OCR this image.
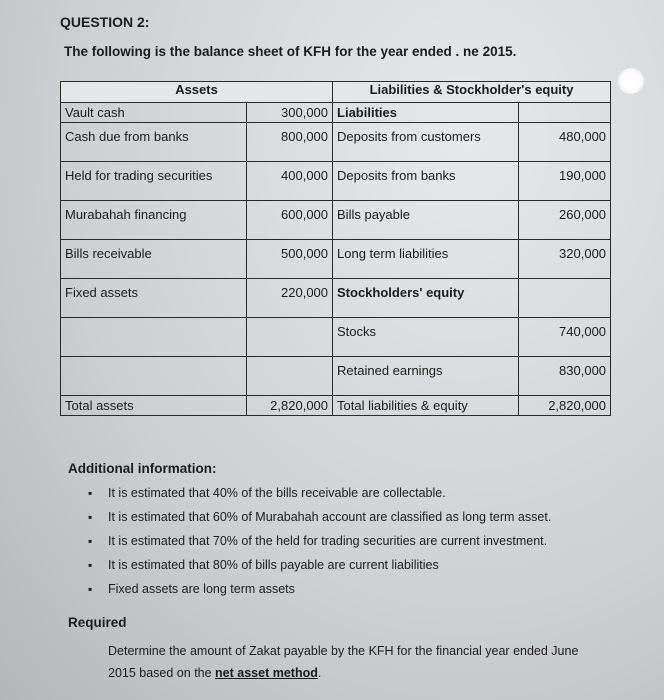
QUESTION 2:
The following is the balance sheet of KFH for the year ended . ne 2015.
Assets		Liabilities & Stockholder's equity	
Vault cash	300,000	Liabilities	
Cash due from banks	800,000	Deposits from customers	480,000
Held for trading securities	400,000	Deposits from banks	190,000
Murabahah financing	600,000	Bills payable	260,000
Bills receivable	500,000	Long term liabilities	320,000
Fixed assets	220,000	Stockholders' equity	
		Stocks	740,000
		Retained earnings	830,000
Total assets	2,820,000	Total liabilities & equity	2,820,000
Additional information:
▪ It is estimated that 40% of the bills receivable are collectable.
▪ It is estimated that 60% of Murabahah account are classified as long term asset.
▪ It is estimated that 70% of the held for trading securities are current investment.
▪ It is estimated that 80% of bills payable are current liabilities
▪ Fixed assets are long term assets
Required
Determine the amount of Zakat payable by the KFH for the financial year ended June 2015 based on the net asset method.
